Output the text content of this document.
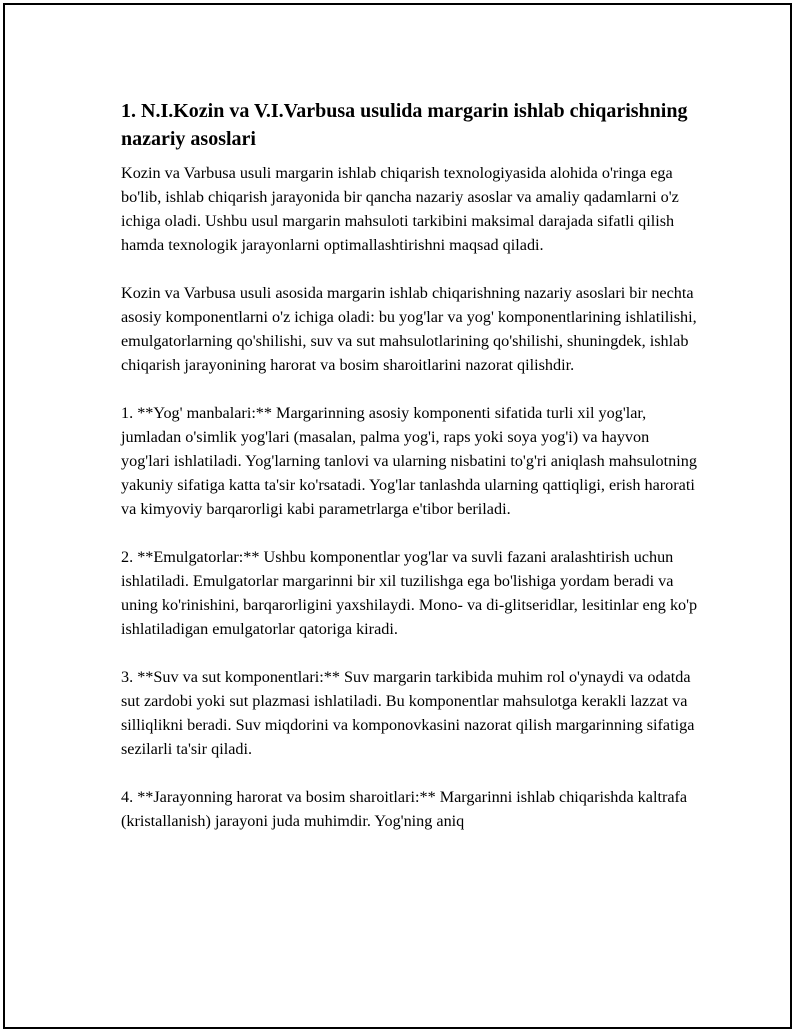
1. N.I.Kozin va V.I.Varbusa usulida margarin ishlab chiqarishning nazariy asoslari

Kozin va Varbusa usuli margarin ishlab chiqarish texnologiyasida alohida o'ringa ega bo'lib, ishlab chiqarish jarayonida bir qancha nazariy asoslar va amaliy qadamlarni o'z ichiga oladi. Ushbu usul margarin mahsuloti tarkibini maksimal darajada sifatli qilish hamda texnologik jarayonlarni optimallashtirishni maqsad qiladi.

Kozin va Varbusa usuli asosida margarin ishlab chiqarishning nazariy asoslari bir nechta asosiy komponentlarni o'z ichiga oladi: bu yog'lar va yog' komponentlarining ishlatilishi, emulgatorlarning qo'shilishi, suv va sut mahsulotlarining qo'shilishi, shuningdek, ishlab chiqarish jarayonining harorat va bosim sharoitlarini nazorat qilishdir.

1. **Yog' manbalari:** Margarinning asosiy komponenti sifatida turli xil yog'lar, jumladan o'simlik yog'lari (masalan, palma yog'i, raps yoki soya yog'i) va hayvon yog'lari ishlatiladi. Yog'larning tanlovi va ularning nisbatini to'g'ri aniqlash mahsulotning yakuniy sifatiga katta ta'sir ko'rsatadi. Yog'lar tanlashda ularning qattiqligi, erish harorati va kimyoviy barqarorligi kabi parametrlarga e'tibor beriladi.

2. **Emulgatorlar:** Ushbu komponentlar yog'lar va suvli fazani aralashtirish uchun ishlatiladi. Emulgatorlar margarinni bir xil tuzilishga ega bo'lishiga yordam beradi va uning ko'rinishini, barqarorligini yaxshilaydi. Mono- va di-glitseridlar, lesitinlar eng ko'p ishlatiladigan emulgatorlar qatoriga kiradi.

3. **Suv va sut komponentlari:** Suv margarin tarkibida muhim rol o'ynaydi va odatda sut zardobi yoki sut plazmasi ishlatiladi. Bu komponentlar mahsulotga kerakli lazzat va silliqlikni beradi. Suv miqdorini va komponovkasini nazorat qilish margarinning sifatiga sezilarli ta'sir qiladi.

4. **Jarayonning harorat va bosim sharoitlari:** Margarinni ishlab chiqarishda kaltrafa (kristallanish) jarayoni juda muhimdir. Yog'ning aniq
